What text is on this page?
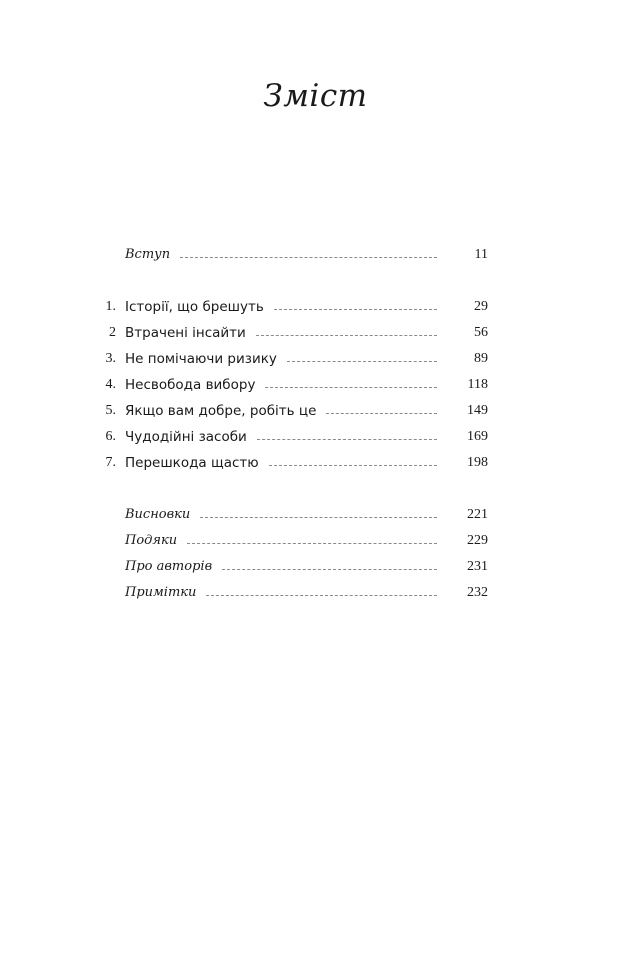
Зміст
Вступ	11
1. Історії, що брешуть	29
2 Втрачені інсайти	56
3. Не помічаючи ризику	89
4. Несвобода вибору	118
5. Якщо вам добре, робіть це	149
6. Чудодійні засоби	169
7. Перешкода щастю	198
Висновки	221
Подяки	229
Про авторів	231
Примітки	232
